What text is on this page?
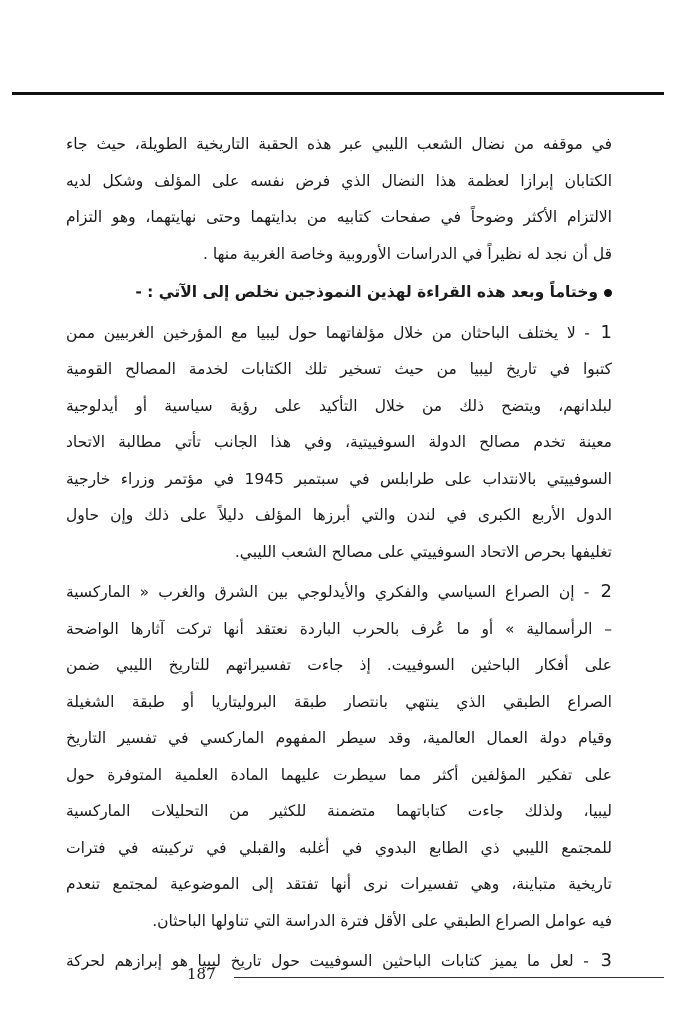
في موقفه من نضال الشعب الليبي عبر هذه الحقبة التاريخية الطويلة، حيث جاء
الكتابان إبرازا لعظمة هذا النضال الذي فرض نفسه على المؤلف وشكل لديه
الالتزام الأكثر وضوحاً في صفحات كتابيه من بدايتهما وحتى نهايتهما، وهو التزام
قل أن نجد له نظيراً في الدراسات الأوروبية وخاصة الغربية منها .
وختاماً وبعد هذه القراءة لهذين النموذجين نخلص إلى الآتي : -
1 - لا يختلف الباحثان من خلال مؤلفاتهما حول ليبيا مع المؤرخين الغربيين ممن
كتبوا في تاريخ ليبيا من حيث تسخير تلك الكتابات لخدمة المصالح القومية
لبلدانهم، ويتضح ذلك من خلال التأكيد على رؤية سياسية أو أيدلوجية
معينة تخدم مصالح الدولة السوفييتية، وفي هذا الجانب تأتي مطالبة الاتحاد
السوفييتي بالانتداب على طرابلس في سبتمبر 1945 في مؤتمر وزراء خارجية
الدول الأربع الكبرى في لندن والتي أبرزها المؤلف دليلاً على ذلك وإن حاول
تغليفها بحرص الاتحاد السوفييتي على مصالح الشعب الليبي.
2 - إن الصراع السياسي والفكري والأيدلوجي بين الشرق والغرب « الماركسية
– الرأسمالية » أو ما عُرف بالحرب الباردة نعتقد أنها تركت آثارها الواضحة
على أفكار الباحثين السوفييت. إذ جاءت تفسيراتهم للتاريخ الليبي ضمن
الصراع الطبقي الذي ينتهي بانتصار طبقة البروليتاريا أو طبقة الشغيلة
وقيام دولة العمال العالمية، وقد سيطر المفهوم الماركسي في تفسير التاريخ
على تفكير المؤلفين أكثر مما سيطرت عليهما المادة العلمية المتوفرة حول
ليبيا، ولذلك جاءت كتاباتهما متضمنة للكثير من التحليلات الماركسية
للمجتمع الليبي ذي الطابع البدوي في أغلبه والقبلي في تركيبته في فترات
تاريخية متباينة، وهي تفسيرات نرى أنها تفتقد إلى الموضوعية لمجتمع تنعدم
فيه عوامل الصراع الطبقي على الأقل فترة الدراسة التي تناولها الباحثان.
3 - لعل ما يميز كتابات الباحثين السوفييت حول تاريخ ليبيا هو إبرازهم لحركة
187
